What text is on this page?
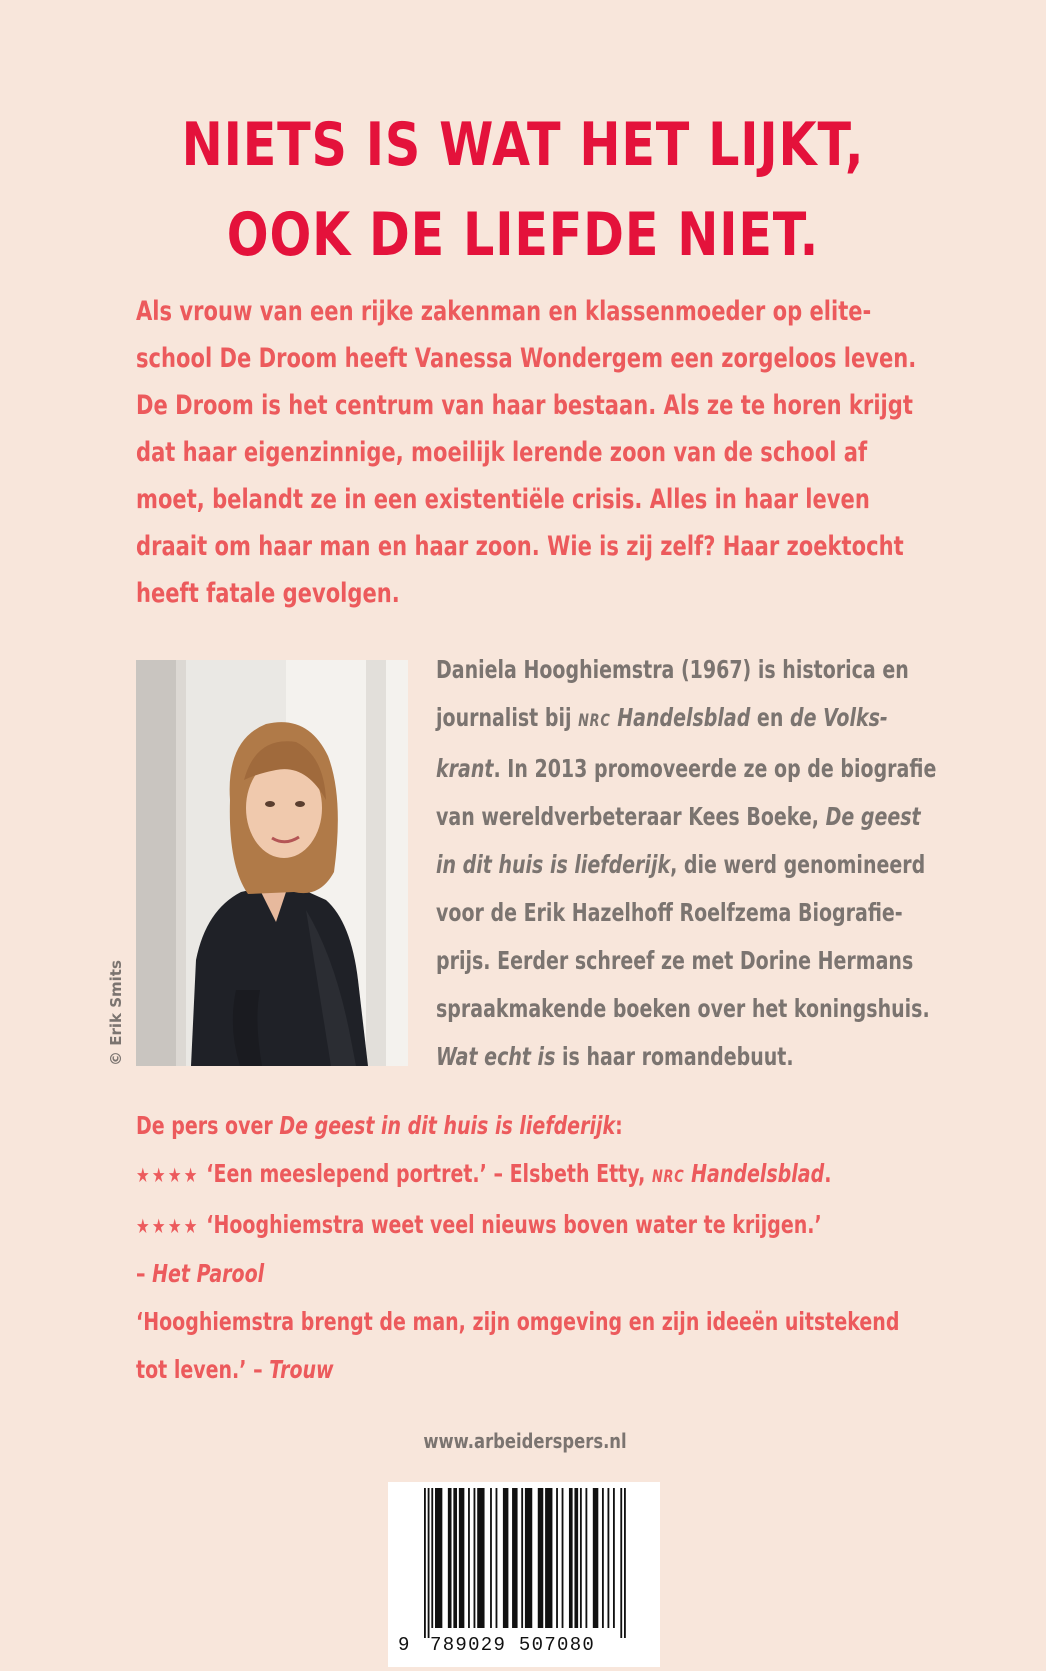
NIETS IS WAT HET LIJKT,
OOK DE LIEFDE NIET.
Als vrouw van een rijke zakenman en klassenmoeder op elite-
school De Droom heeft Vanessa Wondergem een zorgeloos leven.
De Droom is het centrum van haar bestaan. Als ze te horen krijgt
dat haar eigenzinnige, moeilijk lerende zoon van de school af
moet, belandt ze in een existentiële crisis. Alles in haar leven
draait om haar man en haar zoon. Wie is zij zelf? Haar zoektocht
heeft fatale gevolgen.
© Erik Smits
Daniela Hooghiemstra (1967) is historica en
journalist bij NRC Handelsblad en de Volks-
krant. In 2013 promoveerde ze op de biografie
van wereldverbeteraar Kees Boeke, De geest
in dit huis is liefderijk, die werd genomineerd
voor de Erik Hazelhoff Roelfzema Biografie-
prijs. Eerder schreef ze met Dorine Hermans
spraakmakende boeken over het koningshuis.
Wat echt is is haar romandebuut.
De pers over De geest in dit huis is liefderijk:
★★★★ ‘Een meeslepend portret.’ – Elsbeth Etty, NRC Handelsblad.
★★★★ ‘Hooghiemstra weet veel nieuws boven water te krijgen.’
– Het Parool
‘Hooghiemstra brengt de man, zijn omgeving en zijn ideeën uitstekend
tot leven.’ – Trouw
www.arbeiderspers.nl
9 789029 507080
